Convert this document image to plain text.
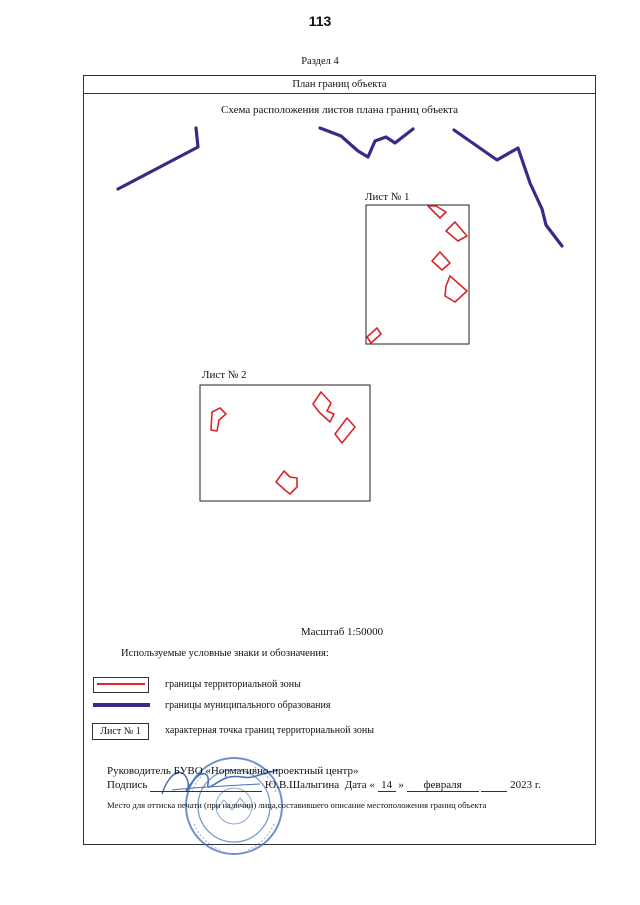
113
Раздел 4
План границ объекта
Схема расположения листов плана границ объекта
Лист № 1
Лист № 2
Масштаб 1:50000
Используемые условные знаки и обозначения:
границы территориальной зоны
границы муниципального образования
Лист № 1	характерная точка границ территориальной зоны
Руководитель БУВО «Нормативно-проектный центр»
Подпись	Ю.В.Шалыгина Дата « 14 » февраля	2023 г.
Место для оттиска печати (при наличии) лица,составившего описание местоположения границ объекта
